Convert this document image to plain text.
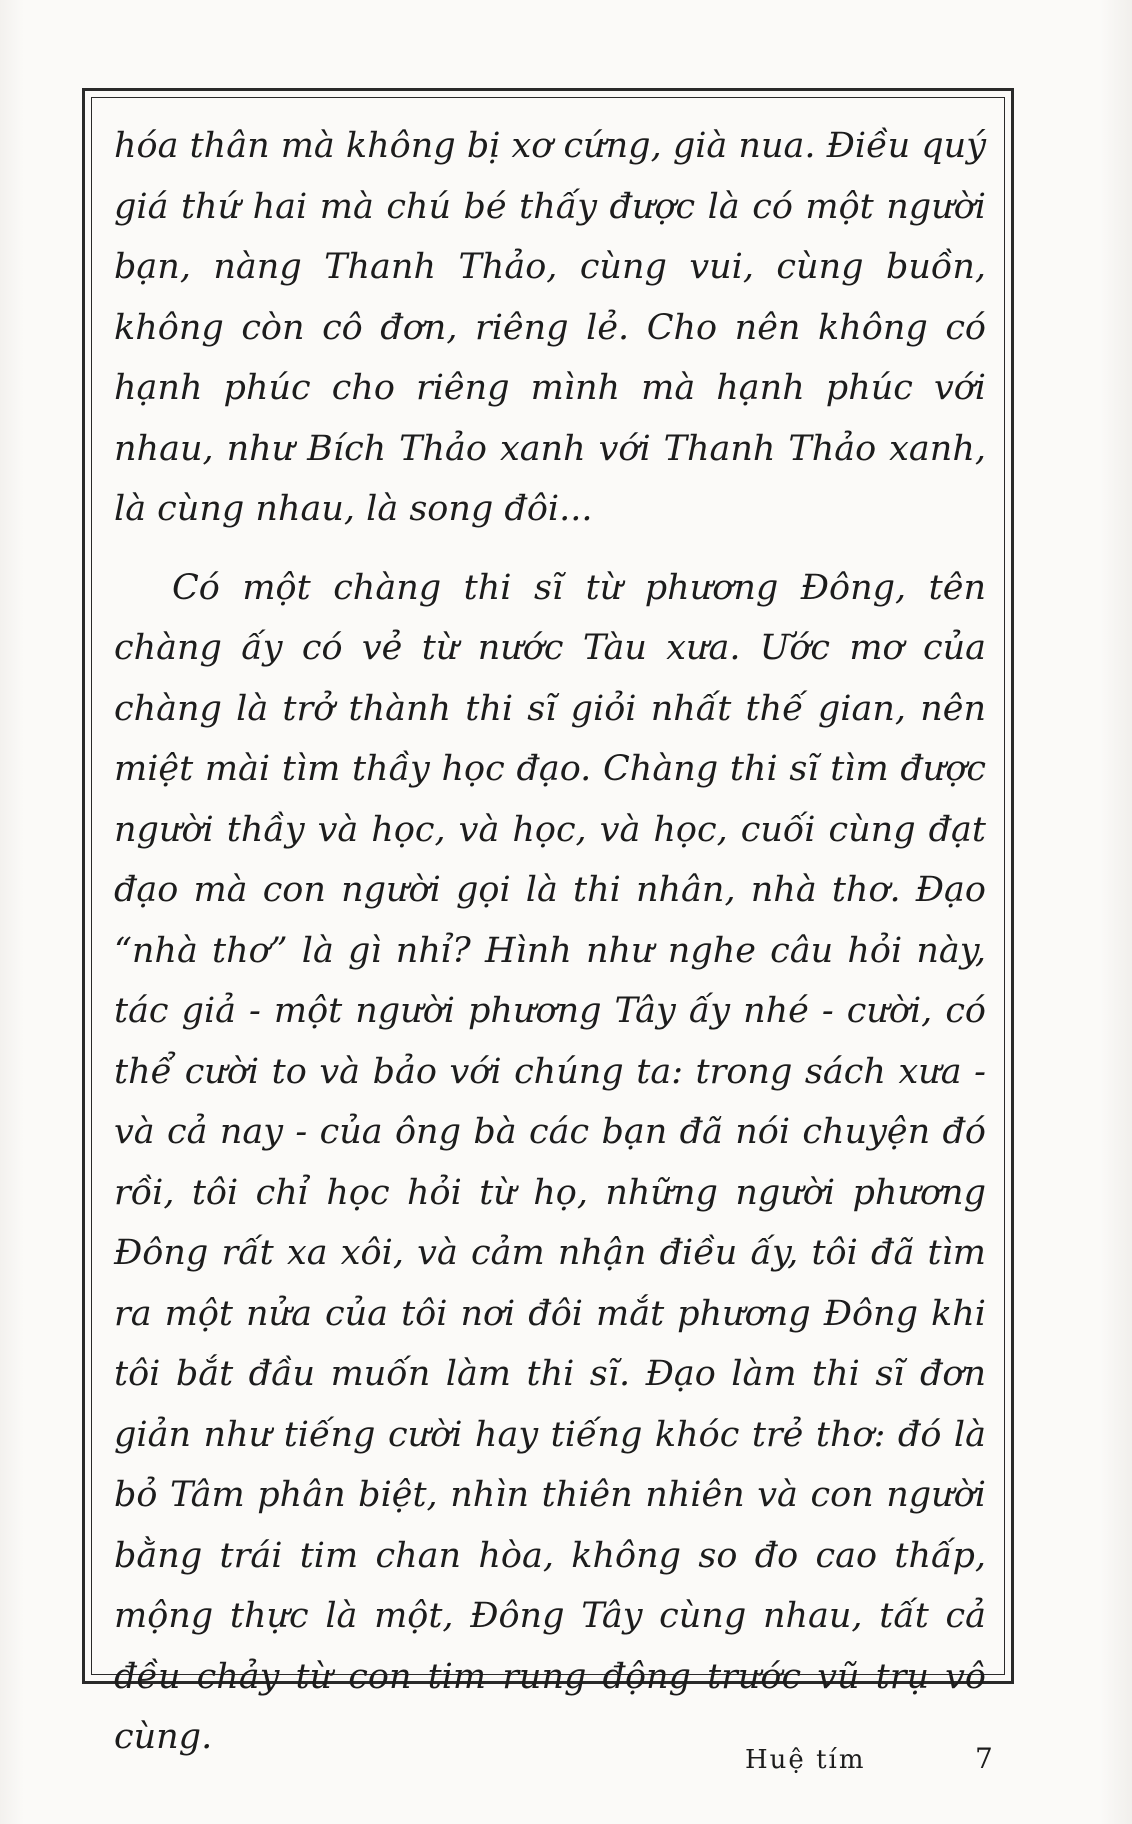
hóa thân mà không bị xơ cứng, già nua. Điều quý giá thứ hai mà chú bé thấy được là có một người bạn, nàng Thanh Thảo, cùng vui, cùng buồn, không còn cô đơn, riêng lẻ. Cho nên không có hạnh phúc cho riêng mình mà hạnh phúc với nhau, như Bích Thảo xanh với Thanh Thảo xanh, là cùng nhau, là song đôi...

Có một chàng thi sĩ từ phương Đông, tên chàng ấy có vẻ từ nước Tàu xưa. Ước mơ của chàng là trở thành thi sĩ giỏi nhất thế gian, nên miệt mài tìm thầy học đạo. Chàng thi sĩ tìm được người thầy và học, và học, và học, cuối cùng đạt đạo mà con người gọi là thi nhân, nhà thơ. Đạo “nhà thơ” là gì nhỉ? Hình như nghe câu hỏi này, tác giả - một người phương Tây ấy nhé - cười, có thể cười to và bảo với chúng ta: trong sách xưa - và cả nay - của ông bà các bạn đã nói chuyện đó rồi, tôi chỉ học hỏi từ họ, những người phương Đông rất xa xôi, và cảm nhận điều ấy, tôi đã tìm ra một nửa của tôi nơi đôi mắt phương Đông khi tôi bắt đầu muốn làm thi sĩ. Đạo làm thi sĩ đơn giản như tiếng cười hay tiếng khóc trẻ thơ: đó là bỏ Tâm phân biệt, nhìn thiên nhiên và con người bằng trái tim chan hòa, không so đo cao thấp, mộng thực là một, Đông Tây cùng nhau, tất cả đều chảy từ con tim rung động trước vũ trụ vô cùng.

Huệ tím	7
